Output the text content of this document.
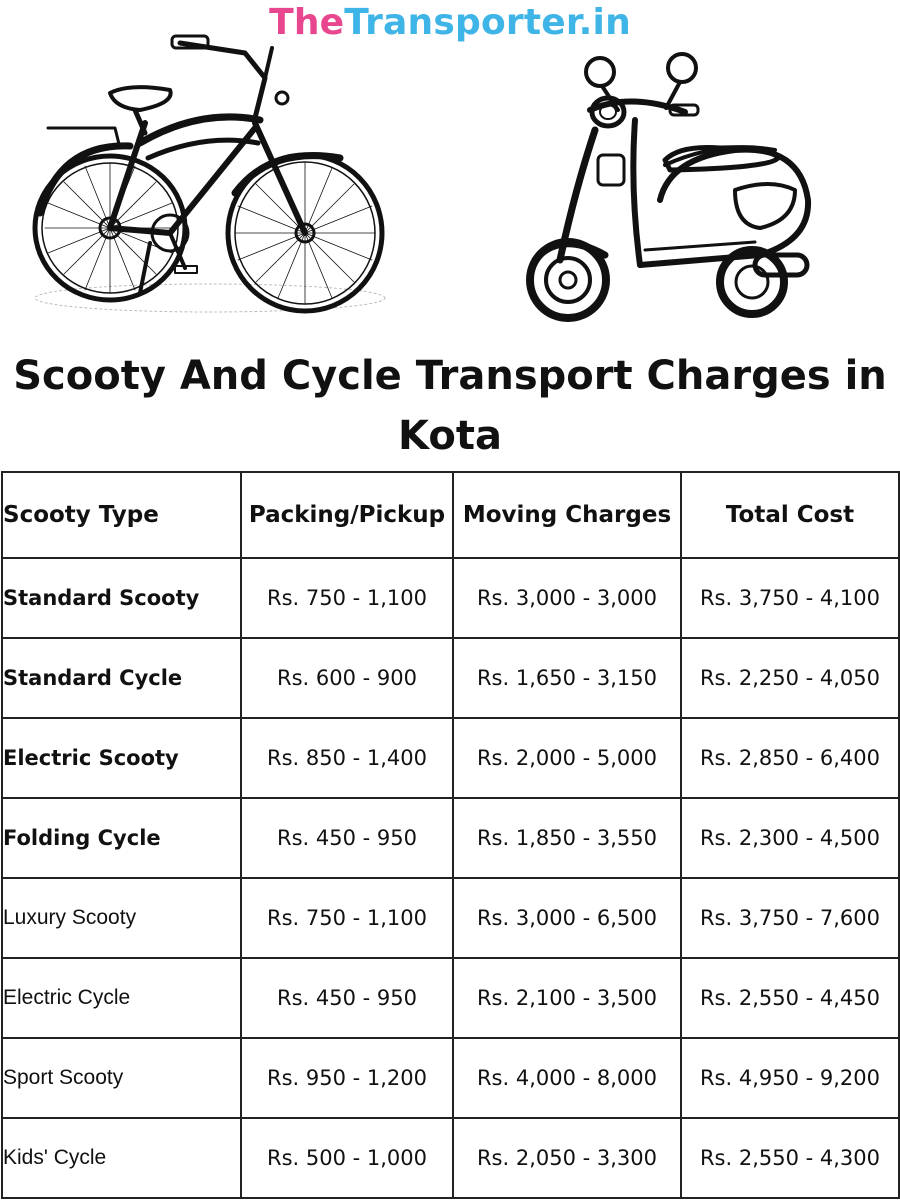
TheTransporter.in
Scooty And Cycle Transport Charges in Kota
Scooty Type	Packing/Pickup	Moving Charges	Total Cost
Standard Scooty	Rs. 750 - 1,100	Rs. 3,000 - 3,000	Rs. 3,750 - 4,100
Standard Cycle	Rs. 600 - 900	Rs. 1,650 - 3,150	Rs. 2,250 - 4,050
Electric Scooty	Rs. 850 - 1,400	Rs. 2,000 - 5,000	Rs. 2,850 - 6,400
Folding Cycle	Rs. 450 - 950	Rs. 1,850 - 3,550	Rs. 2,300 - 4,500
Luxury Scooty	Rs. 750 - 1,100	Rs. 3,000 - 6,500	Rs. 3,750 - 7,600
Electric Cycle	Rs. 450 - 950	Rs. 2,100 - 3,500	Rs. 2,550 - 4,450
Sport Scooty	Rs. 950 - 1,200	Rs. 4,000 - 8,000	Rs. 4,950 - 9,200
Kids' Cycle	Rs. 500 - 1,000	Rs. 2,050 - 3,300	Rs. 2,550 - 4,300
